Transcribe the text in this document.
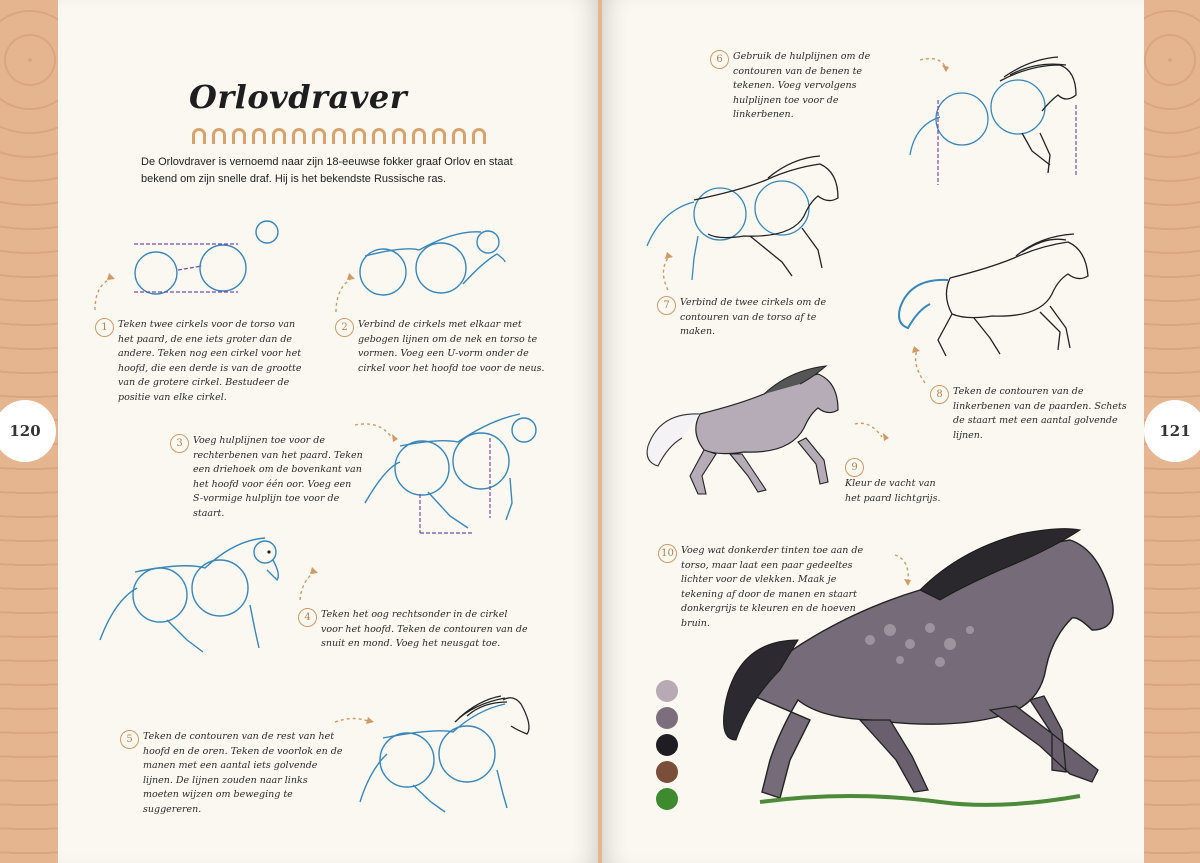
Orlovdraver
De Orlovdraver is vernoemd naar zijn 18-eeuwse fokker graaf Orlov en staat bekend om zijn snelle draf. Hij is het bekendste Russische ras.
120	121
1 Teken twee cirkels voor de torso van het paard, de ene iets groter dan de andere. Teken nog een cirkel voor het hoofd, die een derde is van de grootte van de grotere cirkel. Bestudeer de positie van elke cirkel.
2 Verbind de cirkels met elkaar met gebogen lijnen om de nek en torso te vormen. Voeg een U-vorm onder de cirkel voor het hoofd toe voor de neus.
3 Voeg hulplijnen toe voor de rechterbenen van het paard. Teken een driehoek om de bovenkant van het hoofd voor één oor. Voeg een S-vormige hulplijn toe voor de staart.
4 Teken het oog rechtsonder in de cirkel voor het hoofd. Teken de contouren van de snuit en mond. Voeg het neusgat toe.
5 Teken de contouren van de rest van het hoofd en de oren. Teken de voorlok en de manen met een aantal iets golvende lijnen. De lijnen zouden naar links moeten wijzen om beweging te suggereren.
6 Gebruik de hulplijnen om de contouren van de benen te tekenen. Voeg vervolgens hulplijnen toe voor de linkerbenen.
7 Verbind de twee cirkels om de contouren van de torso af te maken.
8 Teken de contouren van de linkerbenen van de paarden. Schets de staart met een aantal golvende lijnen.
9Kleur de vacht van het paard lichtgrijs.
10 Voeg wat donkerder tinten toe aan de torso, maar laat een paar gedeeltes lichter voor de vlekken. Maak je tekening af door de manen en staart donkergrijs te kleuren en de hoeven bruin.
